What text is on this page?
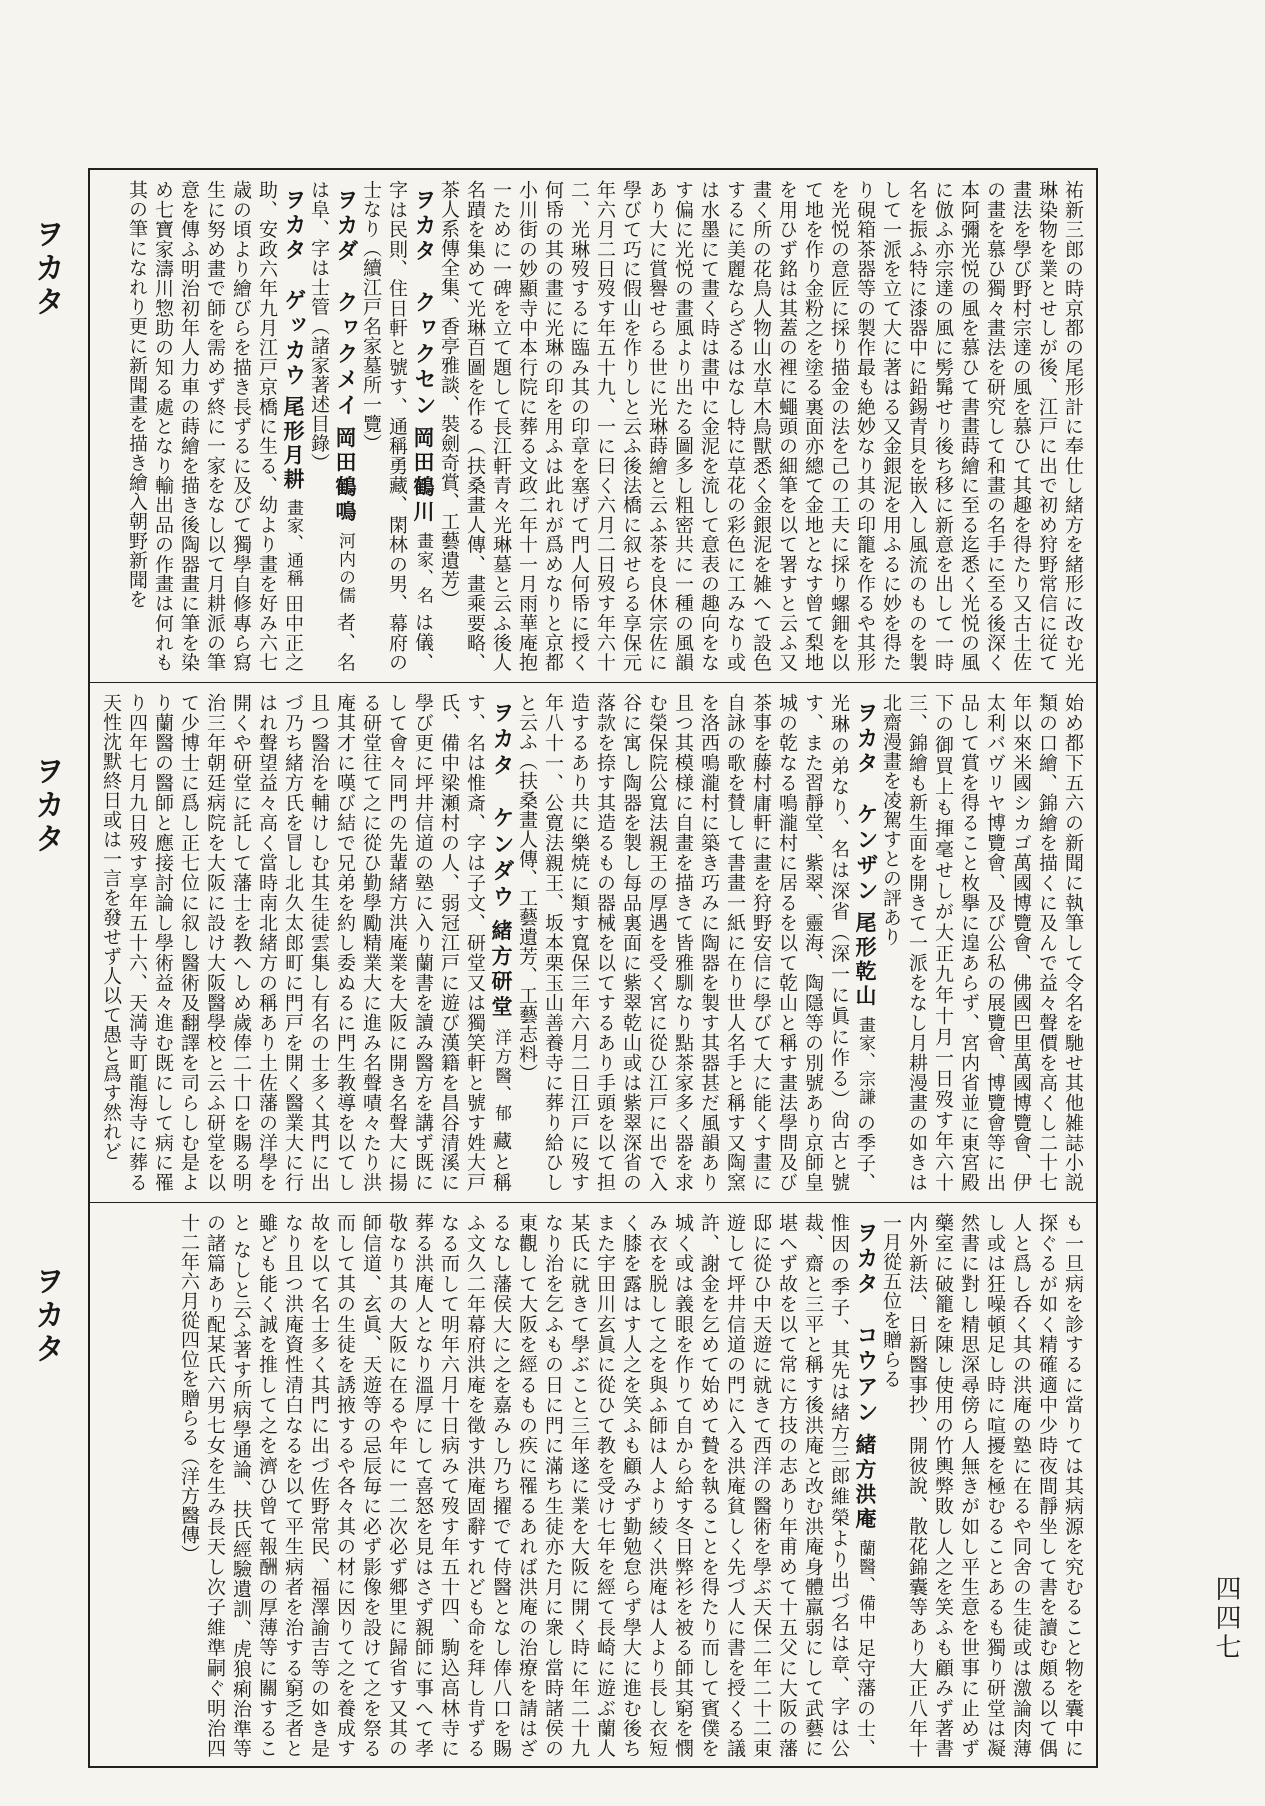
ヲカタ
ヲカタ
ヲカタ

祐新三郎の時京都の尾形計に奉仕し緒方を緒形に改む光琳染物を業とせしが後、江戸に出で初め狩野常信に従て畫法を學び野村宗達の風を慕ひて其趣を得たり又古土佐の畫を慕ひ獨々畫法を研究して和畫の名手に至る後深く本阿彌光悦の風を慕ひて書畫蒔繪に至る迄悉く光悦の風に倣ふ亦宗達の風に髣髴せり後ち移に新意を出して一時名を振ふ特に漆器中に鉛錫青貝を嵌入し風流のものを製して一派を立て大に著はる又金銀泥を用ふるに妙を得たり硯箱茶器等の製作最も絶妙なり其の印籠を作るや其形を光悦の意匠に採り描金の法を己の工夫に採り螺鈿を以て地を作り金粉之を塗る裏面亦總て金地となす曾て梨地を用ひず銘は其蓋の裡に蠅頭の細筆を以て署すと云ふ又畫く所の花鳥人物山水草木鳥獸悉く金銀泥を雑へて設色するに美麗ならざるはなし特に草花の彩色に工みなり或は水墨にて畫く時は畫中に金泥を流して意表の趣向をなす偏に光悦の畫風より出たる圖多し粗密共に一種の風韻あり大に賞譽せらる世に光琳蒔繪と云ふ茶を良休宗佐に學びて巧に假山を作りしと云ふ後法橋に叙せらる享保元年六月二日歿す年五十九、一に曰く六月二日歿す年六十二、光琳歿するに臨み其の印章を塞げて門人何帋に授く何帋の其の畫に光琳の印を用ふは此れが爲めなりと京都小川街の妙顯寺中本行院に葬る文政二年十一月雨華庵抱一ために一碑を立て題して長江軒青々光琳墓と云ふ後人名蹟を集めて光琳百圖を作る（扶桑畫人傳、畫乘要略、茶人系傳全集、香亭雅談、裝劍奇賞、工藝遺芳）

ヲカタ　クヮクセン 岡田鶴川 畫家、名

は儀、字は民則、住日軒と號す、通稱勇藏、閑林の男、幕府の士なり（續江戸名家墓所一覽）

ヲカダ　クヮクメイ 岡田鶴鳴 河内の儒

者、名は阜、字は士管（諸家著述目錄）

ヲカタ　ゲッカウ 尾形月耕 畫家、通稱

田中正之助、安政六年九月江戸京橋に生る、幼より畫を好み六七歳の頃より繪びらを描き長ずるに及びて獨學自修專ら寫生に努め畫で師を需めず終に一家をなし以て月耕派の筆意を傳ふ明治初年人力車の蒔繪を描き後陶器畫に筆を染め七寶家濤川惣助の知る處となり輸出品の作畫は何れも其の筆になれり更に新聞畫を描き繪入朝野新聞を

始め都下五六の新聞に執筆して令名を馳せ其他雑誌小説類の口繪、錦繪を描くに及んで益々聲價を高くし二十七年以來米國シカゴ萬國博覽會、佛國巴里萬國博覽會、伊太利バヴリヤ博覽會、及び公私の展覽會、博覽會等に出品して賞を得ること枚擧に遑あらず、宮内省並に東宮殿下の御買上も揮毫せしが大正九年十月一日歿す年六十三、錦繪も新生面を開きて一派をなし月耕漫畫の如きは北齋漫畫を凌駕すとの評あり

ヲカタ　ケンザン 尾形乾山 畫家、宗謙

の季子、光琳の弟なり、名は深省（深一に眞に作る）尙古と號す、また習靜堂、紫翠、靈海、陶隱等の別號あり京師皇城の乾なる鳴瀧村に居るを以て乾山と稱す畫法學問及び茶事を藤村庸軒に畫を狩野安信に學びて大に能くす畫に自詠の歌を賛して書畫一紙に在り世人名手と稱す又陶窯を洛西鳴瀧村に築き巧みに陶器を製す其器甚だ風韻あり且つ其模様に自畫を描きて皆雅馴なり點茶家多く器を求む榮保院公寬法親王の厚遇を受く宮に從ひ江戸に出で入谷に寓し陶器を製し每品裏面に紫翠乾山或は紫翠深省の落款を捺す其造るもの器械を以てするあり手頭を以て担造するあり共に樂焼に類す寬保三年六月二日江戸に歿す年八十一、公寛法親王、坂本栗玉山善養寺に葬り給ひしと云ふ（扶桑畫人傳、工藝遺芳、工藝志料）

ヲカタ　ケンダウ 緒方研堂 洋方醫、郁

藏と稱す、名は惟斎、字は子文、研堂又は獨笑軒と號す姓大戸氏、備中梁瀬村の人、弱冠江戸に遊び漢籍を昌谷清溪に學び更に坪井信道の塾に入り蘭書を讀み醫方を講ず既にして會々同門の先輩緒方洪庵業を大阪に開き名聲大に揚る研堂往て之に從ひ勤學勵精業大に進み名聲嘖々たり洪庵其才に嘆び結で兄弟を約し委ぬるに門生教導を以てし且つ醫治を輔けしむ其生徒雲集し有名の士多く其門に出づ乃ち緒方氏を冒し北久太郎町に門戸を開く醫業大に行はれ聲望益々高く當時南北緒方の稱あり土佐藩の洋學を開くや研堂に託して藩士を教へしめ歲俸二十口を賜る明治三年朝廷病院を大阪に設け大阪醫學校と云ふ研堂を以て少博士に爲し正七位に叙し醫術及翻譯を司らしむ是より蘭醫の醫師と應接討論し學術益々進む既にして病に罹り四年七月九日歿す享年五十六、天満寺町龍海寺に葬る天性沈默終日或は一言を發せず人以て愚と爲す然れど

も一旦病を診するに當りては其病源を究むること物を囊中に探ぐるが如く精確適中少時夜間靜坐して書を讀む頗る以て偶人と爲し呑く其の洪庵の塾に在るや同舍の生徒或は激論肉薄し或は狂噪頓足し時に喧擾を極むることあるも獨り研堂は凝然書に對し精思深尋傍ら人無きが如し平生意を世事に止めず藥室に破籠を陳し使用の竹輿弊敗し人之を笑ふも顧みず著書内外新法、日新醫事抄、開彼說、散花錦囊等あり大正八年十一月從五位を贈らる

ヲカタ　コウアン 緒方洪庵 蘭醫、備中

足守藩の士、惟因の季子、其先は緒方三郎維榮より出づ名は章、字は公裁、齋と三平と稱す後洪庵と改む洪庵身體羸弱にして武藝に堪へず故を以て常に方技の志あり年甫めて十五父に大阪の藩邸に從ひ中天遊に就きて西洋の醫術を學ぶ天保二年二十二東遊して坪井信道の門に入る洪庵貧しく先づ人に書を授くる議許、謝金を乞めて始めて贄を執ることを得たり而して賓僕を城く或は義眼を作りて自から給す冬日弊衫を被る師其窮を憫み衣を脱して之を與ふ師は人より綾く洪庵は人より長し衣短く膝を露はす人之を笑ふも顧みず勤勉怠らず學大に進む後ちまた宇田川玄眞に從ひて教を受け七年を經て長崎に遊ぶ蘭人某氏に就きて學ぶこと三年遂に業を大阪に開く時に年二十九なり治を乞ふもの日に門に滿ち生徒亦た月に衆し當時諸侯の東觀して大阪を經るもの疾に罹るあれば洪庵の治療を請はざるなし藩侯大に之を嘉みし乃ち擢でて侍醫となし俸八口を賜ふ文久二年幕府洪庵を徵す洪庵固辭すれども命を拜し肯ずるなる而して明年六月十日病みて歿す年五十四、駒込高林寺に葬る洪庵人となり溫厚にして喜怒を見はさず親師に事へて孝敬なり其の大阪に在るや年に一二次必ず郷里に歸省す又其の師信道、玄眞、天遊等の忌辰毎に必ず影像を設けて之を祭る而して其の生徒を誘掖するや各々其の材に因りて之を養成す故を以て名士多く其門に出づ佐野常民、福澤諭吉等の如き是なり且つ洪庵資性清白なるを以て平生病者を治する窮乏者と雖ども能く誠を推して之を濟ひ曾て報酬の厚薄等に關すること なしと云ふ著す所病學通論、扶氏經驗遺訓、虎狼痢治準等の諸篇あり配某氏六男七女を生み長天し次子維準嗣ぐ明治四十二年六月從四位を贈らる（洋方醫傳）

四四七
